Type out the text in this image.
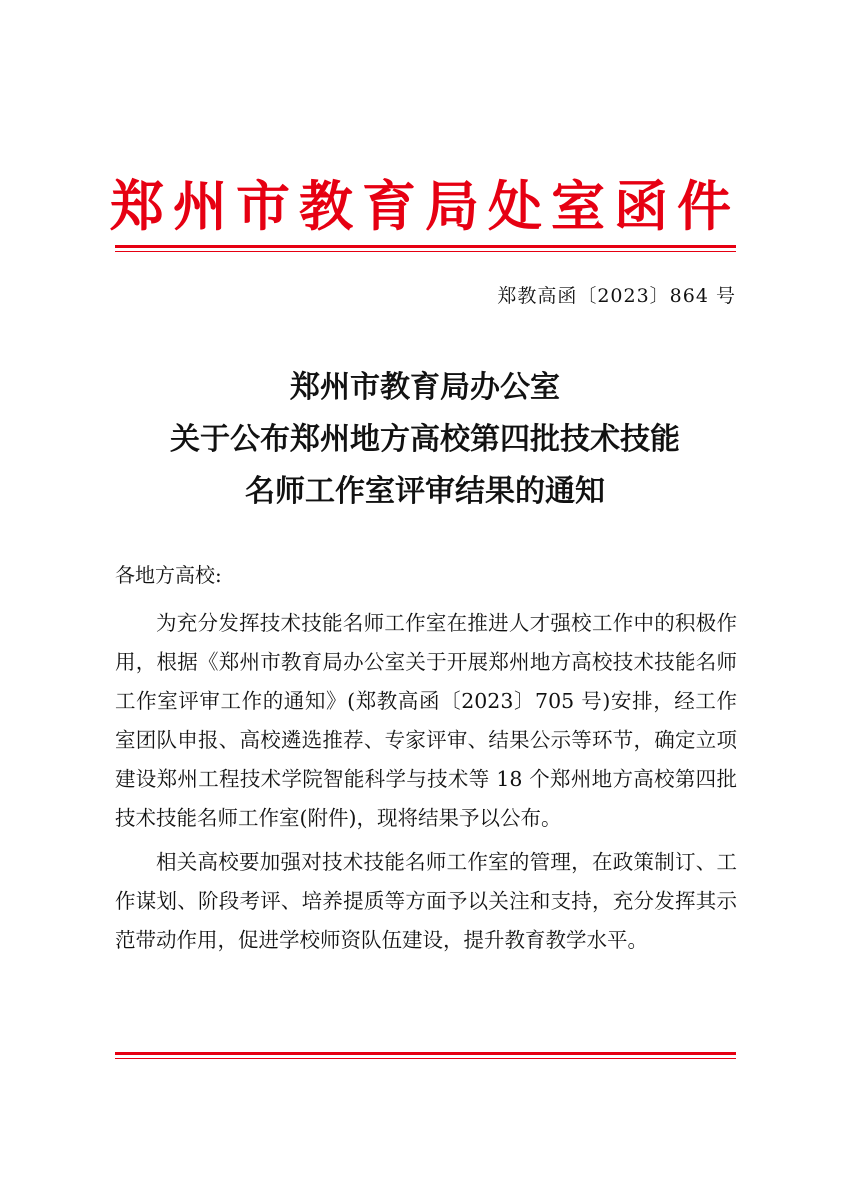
郑州市教育局处室函件
郑教高函〔2023〕864 号
郑州市教育局办公室
关于公布郑州地方高校第四批技术技能
名师工作室评审结果的通知
各地方高校:

为充分发挥技术技能名师工作室在推进人才强校工作中的积极作用，根据《郑州市教育局办公室关于开展郑州地方高校技术技能名师工作室评审工作的通知》(郑教高函〔2023〕705 号)安排，经工作室团队申报、高校遴选推荐、专家评审、结果公示等环节，确定立项建设郑州工程技术学院智能科学与技术等 18 个郑州地方高校第四批技术技能名师工作室(附件)，现将结果予以公布。

相关高校要加强对技术技能名师工作室的管理，在政策制订、工作谋划、阶段考评、培养提质等方面予以关注和支持，充分发挥其示范带动作用，促进学校师资队伍建设，提升教育教学水平。
